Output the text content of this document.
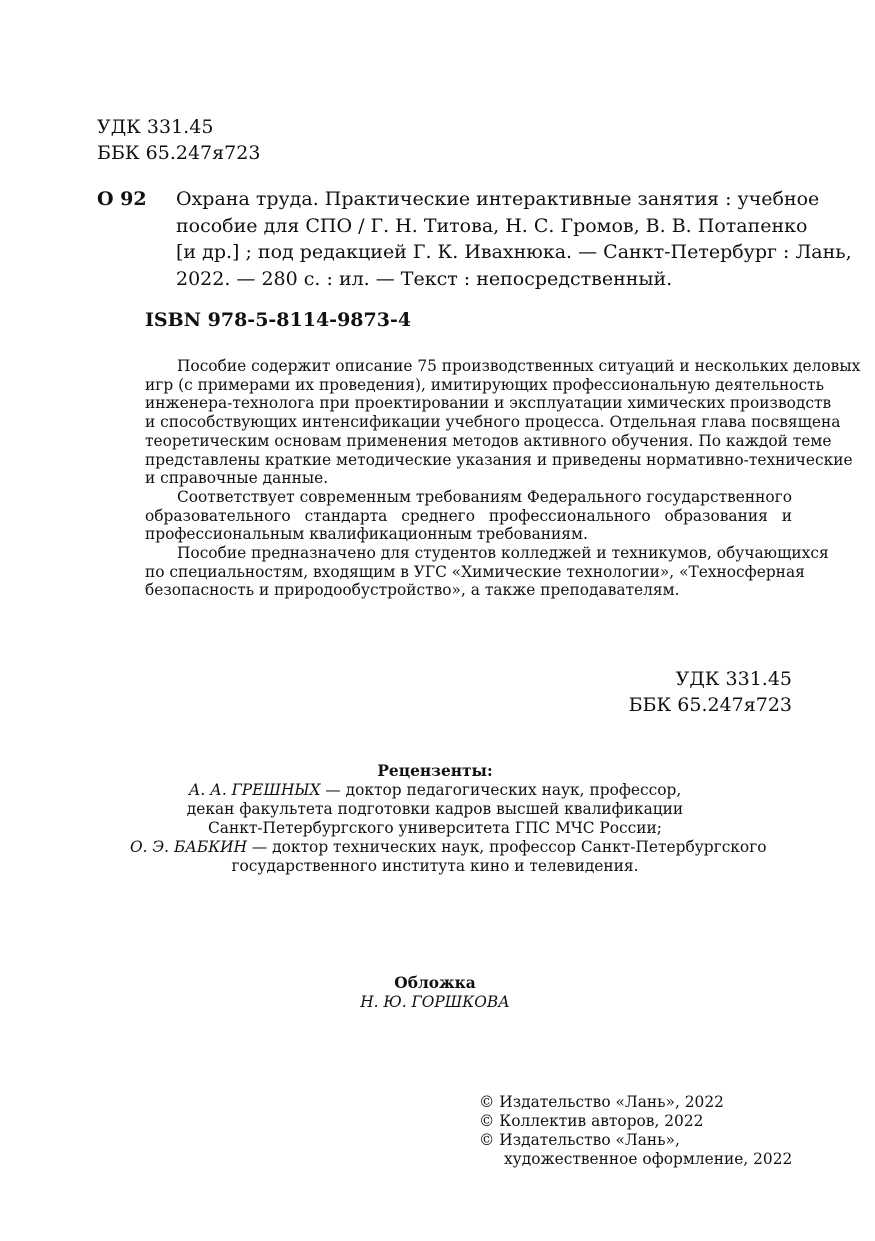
УДК 331.45
ББК 65.247я723
О 92 Охрана труда. Практические интерактивные занятия : учебное
пособие для СПО / Г. Н. Титова, Н. С. Громов, В. В. Потапенко
[и др.] ; под редакцией Г. К. Ивахнюка. — Санкт-Петербург : Лань,
2022. — 280 с. : ил. — Текст : непосредственный.
ISBN 978-5-8114-9873-4
Пособие содержит описание 75 производственных ситуаций и нескольких деловых
игр (с примерами их проведения), имитирующих профессиональную деятельность
инженера-технолога при проектировании и эксплуатации химических производств
и способствующих интенсификации учебного процесса. Отдельная глава посвящена
теоретическим основам применения методов активного обучения. По каждой теме
представлены краткие методические указания и приведены нормативно-технические
и справочные данные.
Соответствует современным требованиям Федерального государственного
образовательного стандарта среднего профессионального образования и
профессиональным квалификационным требованиям.
Пособие предназначено для студентов колледжей и техникумов, обучающихся
по специальностям, входящим в УГС «Химические технологии», «Техносферная
безопасность и природообустройство», а также преподавателям.
УДК 331.45
ББК 65.247я723
Рецензенты:
А. А. ГРЕШНЫХ — доктор педагогических наук, профессор,
декан факультета подготовки кадров высшей квалификации
Санкт-Петербургского университета ГПС МЧС России;
О. Э. БАБКИН — доктор технических наук, профессор Санкт-Петербургского
государственного института кино и телевидения.
Обложка
Н. Ю. ГОРШКОВА
© Издательство «Лань», 2022
© Коллектив авторов, 2022
© Издательство «Лань»,
художественное оформление, 2022
